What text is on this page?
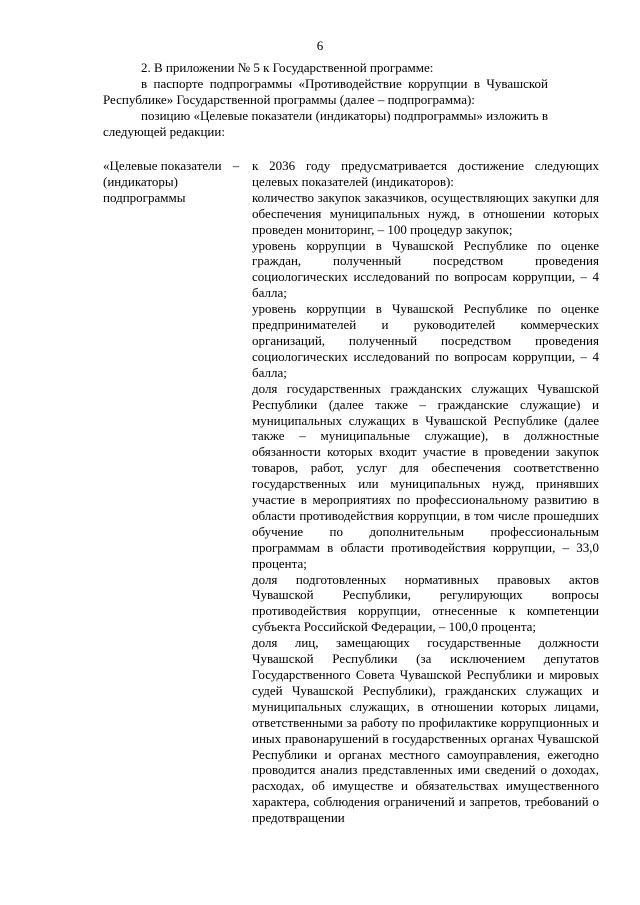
6

2. В приложении № 5 к Государственной программе:

в паспорте подпрограммы «Противодействие коррупции в Чувашской Республике» Государственной программы (далее – подпрограмма):

позицию «Целевые показатели (индикаторы) подпрограммы» изложить в следующей редакции:

«Целевые показатели (индикаторы) подпрограммы
– к 2036 году предусматривается достижение следующих целевых показателей (индикаторов):

количество закупок заказчиков, осуществляющих закупки для обеспечения муниципальных нужд, в отношении которых проведен мониторинг, – 100 процедур закупок;

уровень коррупции в Чувашской Республике по оценке граждан, полученный посредством проведения социологических исследований по вопросам коррупции, – 4 балла;

уровень коррупции в Чувашской Республике по оценке предпринимателей и руководителей коммерческих организаций, полученный посредством проведения социологических исследований по вопросам коррупции, – 4 балла;

доля государственных гражданских служащих Чувашской Республики (далее также – гражданские служащие) и муниципальных служащих в Чувашской Республике (далее также – муниципальные служащие), в должностные обязанности которых входит участие в проведении закупок товаров, работ, услуг для обеспечения соответственно государственных или муниципальных нужд, принявших участие в мероприятиях по профессиональному развитию в области противодействия коррупции, в том числе прошедших обучение по дополнительным профессиональным программам в области противодействия коррупции, – 33,0 процента;

доля подготовленных нормативных правовых актов Чувашской Республики, регулирующих вопросы противодействия коррупции, отнесенные к компетенции субъекта Российской Федерации, – 100,0 процента;

доля лиц, замещающих государственные должности Чувашской Республики (за исключением депутатов Государственного Совета Чувашской Республики и мировых судей Чувашской Республики), гражданских служащих и муниципальных служащих, в отношении которых лицами, ответственными за работу по профилактике коррупционных и иных правонарушений в государственных органах Чувашской Республики и органах местного самоуправления, ежегодно проводится анализ представленных ими сведений о доходах, расходах, об имуществе и обязательствах имущественного характера, соблюдения ограничений и запретов, требований о предотвращении
